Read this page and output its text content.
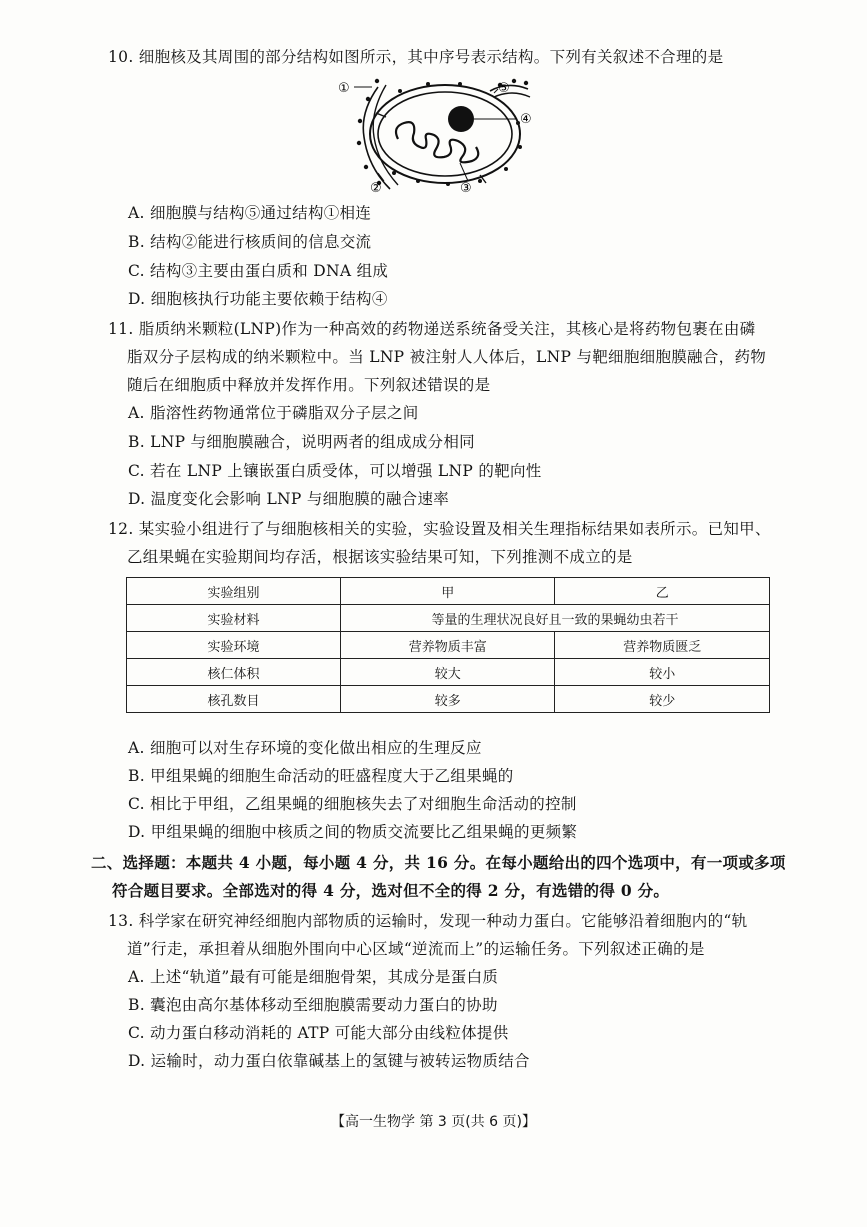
10. 细胞核及其周围的部分结构如图所示，其中序号表示结构。下列有关叙述不合理的是
①
②	③
④
⑤
A. 细胞膜与结构⑤通过结构①相连
B. 结构②能进行核质间的信息交流
C. 结构③主要由蛋白质和 DNA 组成
D. 细胞核执行功能主要依赖于结构④
11. 脂质纳米颗粒(LNP)作为一种高效的药物递送系统备受关注，其核心是将药物包裹在由磷
脂双分子层构成的纳米颗粒中。当 LNP 被注射人人体后，LNP 与靶细胞细胞膜融合，药物
随后在细胞质中释放并发挥作用。下列叙述错误的是
A. 脂溶性药物通常位于磷脂双分子层之间
B. LNP 与细胞膜融合，说明两者的组成成分相同
C. 若在 LNP 上镶嵌蛋白质受体，可以增强 LNP 的靶向性
D. 温度变化会影响 LNP 与细胞膜的融合速率
12. 某实验小组进行了与细胞核相关的实验，实验设置及相关生理指标结果如表所示。已知甲、
乙组果蝇在实验期间均存活，根据该实验结果可知，下列推测不成立的是
实验组别	甲	乙
实验材料	等量的生理状况良好且一致的果蝇幼虫若干	
实验环境	营养物质丰富	营养物质匮乏
核仁体积	较大	较小
核孔数目	较多	较少
A. 细胞可以对生存环境的变化做出相应的生理反应
B. 甲组果蝇的细胞生命活动的旺盛程度大于乙组果蝇的
C. 相比于甲组，乙组果蝇的细胞核失去了对细胞生命活动的控制
D. 甲组果蝇的细胞中核质之间的物质交流要比乙组果蝇的更频繁
二、选择题：本题共 4 小题，每小题 4 分，共 16 分。在每小题给出的四个选项中，有一项或多项
符合题目要求。全部选对的得 4 分，选对但不全的得 2 分，有选错的得 0 分。
13. 科学家在研究神经细胞内部物质的运输时，发现一种动力蛋白。它能够沿着细胞内的“轨
道”行走，承担着从细胞外围向中心区域“逆流而上”的运输任务。下列叙述正确的是
A. 上述“轨道”最有可能是细胞骨架，其成分是蛋白质
B. 囊泡由高尔基体移动至细胞膜需要动力蛋白的协助
C. 动力蛋白移动消耗的 ATP 可能大部分由线粒体提供
D. 运输时，动力蛋白依靠碱基上的氢键与被转运物质结合
【高一生物学 第 3 页(共 6 页)】
